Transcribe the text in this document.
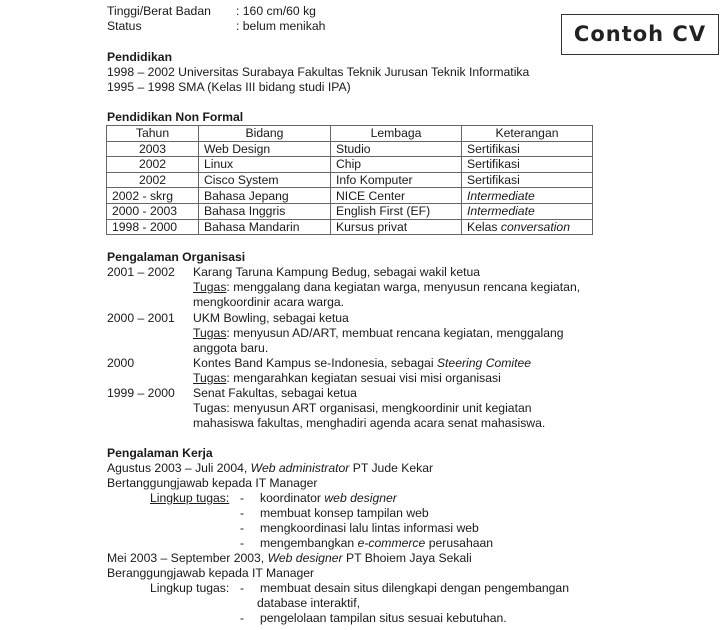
Tinggi/Berat Badan : 160 cm/60 kg
Status	: belum menikah	Contoh CV
Pendidikan
1998 – 2002 Universitas Surabaya Fakultas Teknik Jurusan Teknik Informatika
1995 – 1998 SMA (Kelas III bidang studi IPA)
Pendidikan Non Formal
Tahun	Bidang	Lembaga	Keterangan
2003	Web Design	Studio	Sertifikasi
2002	Linux	Chip	Sertifikasi
2002	Cisco System	Info Komputer	Sertifikasi
2002 - skrg	Bahasa Jepang	NICE Center	Intermediate
2000 - 2003	Bahasa Inggris	English First (EF)	Intermediate
1998 - 2000	Bahasa Mandarin	Kursus privat	Kelas conversation
Pengalaman Organisasi
2001 – 2002 Karang Taruna Kampung Bedug, sebagai wakil ketua
Tugas: menggalang dana kegiatan warga, menyusun rencana kegiatan,
mengkoordinir acara warga.
2000 – 2001 UKM Bowling, sebagai ketua
Tugas: menyusun AD/ART, membuat rencana kegiatan, menggalang
anggota baru.
2000	Kontes Band Kampus se-Indonesia, sebagai Steering Comitee
Tugas: mengarahkan kegiatan sesuai visi misi organisasi
1999 – 2000 Senat Fakultas, sebagai ketua
Tugas: menyusun ART organisasi, mengkoordinir unit kegiatan
mahasiswa fakultas, menghadiri agenda acara senat mahasiswa.
Pengalaman Kerja
Agustus 2003 – Juli 2004, Web administrator PT Jude Kekar
Bertanggungjawab kepada IT Manager
Lingkup tugas: - koordinator web designer
- membuat konsep tampilan web
- mengkoordinasi lalu lintas informasi web
- mengembangkan e-commerce perusahaan
Mei 2003 – September 2003, Web designer PT Bhoiem Jaya Sekali
Beranggungjawab kepada IT Manager
Lingkup tugas: - membuat desain situs dilengkapi dengan pengembangan
database interaktif,
- pengelolaan tampilan situs sesuai kebutuhan.
